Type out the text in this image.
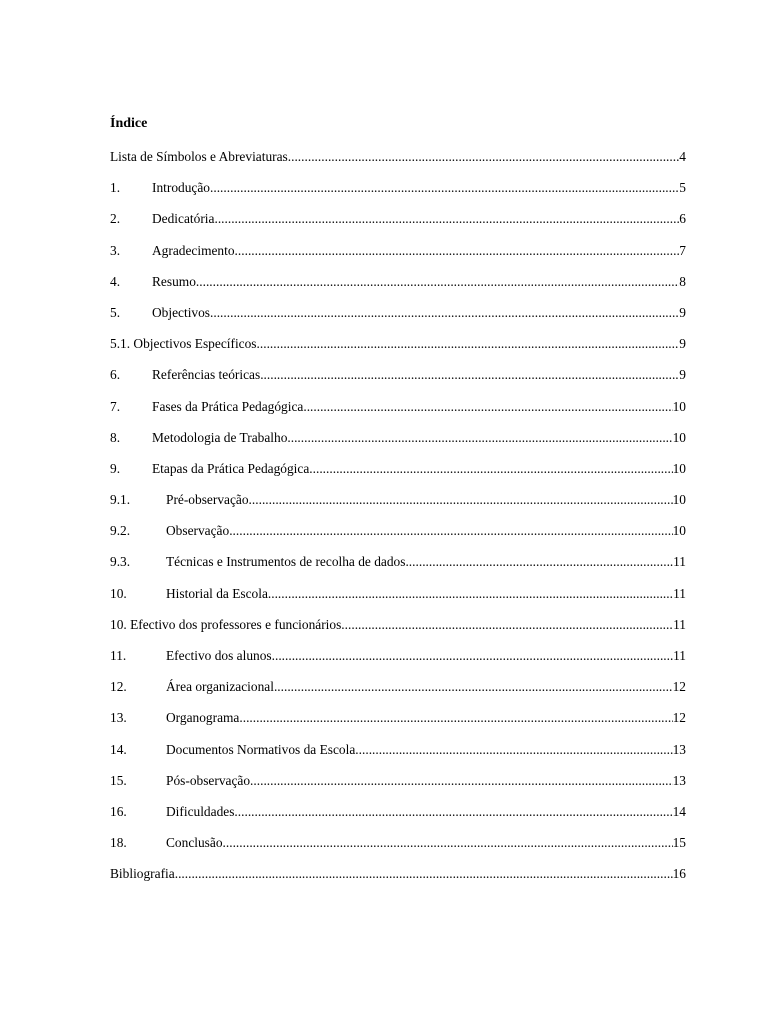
Índice
Lista de Símbolos e Abreviaturas .....	4
1.	Introdução .....	5
2.	Dedicatória .....	6
3.	Agradecimento .....	7
4.	Resumo .....	8
5.	Objectivos .....	9
5.1. Objectivos Específicos .....	9
6.	Referências teóricas .....	9
7.	Fases da Prática Pedagógica .....	10
8.	Metodologia de Trabalho .....	10
9.	Etapas da Prática Pedagógica .....	10
9.1.	Pré-observação .....	10
9.2.	Observação .....	10
9.3.	Técnicas e Instrumentos de recolha de dados .....	11
10.	Historial da Escola .....	11
10. Efectivo dos professores e funcionários .....	11
11.	Efectivo dos alunos .....	11
12.	Área organizacional .....	12
13.	Organograma .....	12
14.	Documentos Normativos da Escola .....	13
15.	Pós-observação .....	13
16.	Dificuldades .....	14
18.	Conclusão .....	15
Bibliografia .....	16
